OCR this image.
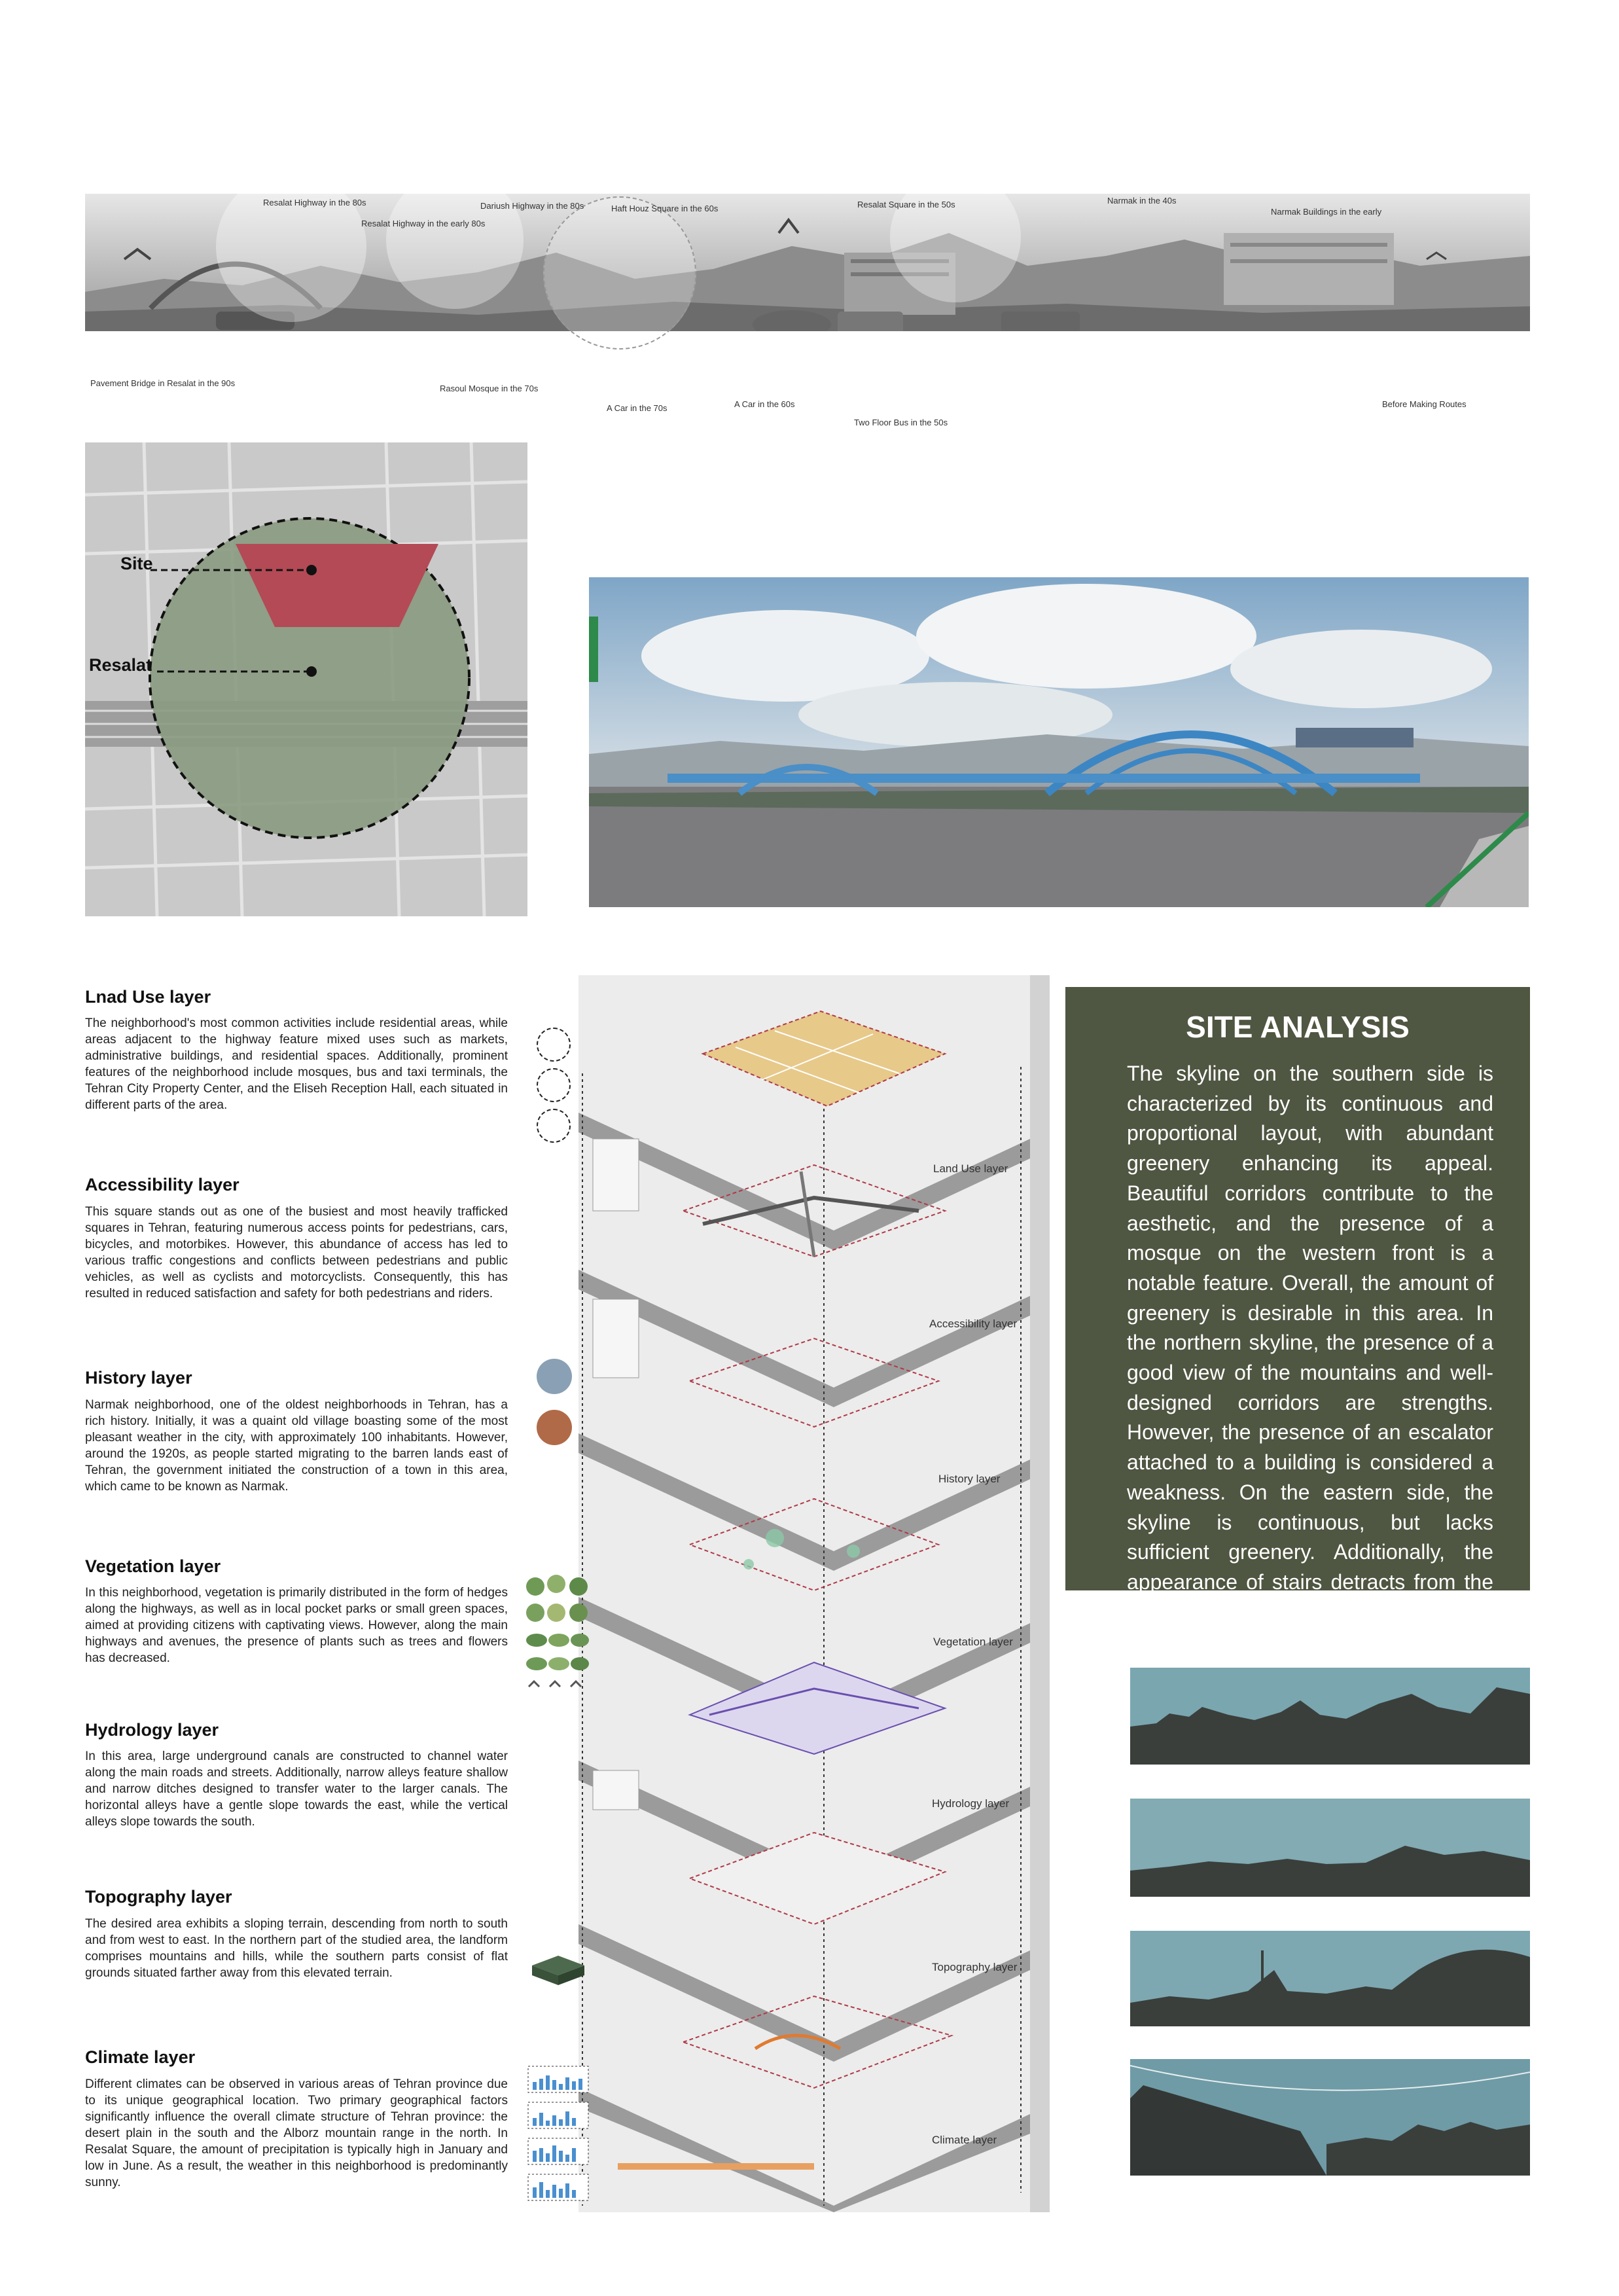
Resalat Highway in the 80s
Resalat Highway in the early 80s
Dariush Highway in the 80s	Haft Houz Square in the 60s	Resalat Square in the 50s	Narmak in the 40s
Narmak Buildings in the early
Pavement Bridge in Resalat in the 90s
Rasoul Mosque in the 70s
A Car in the 70s	A Car in the 60s
Two Floor Bus in the 50s
Before Making Routes
Site
Resalat
Lnad Use layer
The neighborhood's most common activities include residential areas, while areas adjacent to the highway feature mixed uses such as markets, administrative buildings, and residential spaces. Additionally, prominent features of the neighborhood include mosques, bus and taxi terminals, the Tehran City Property Center, and the Eliseh Reception Hall, each situated in different parts of the area.
Accessibility layer
This square stands out as one of the busiest and most heavily trafficked squares in Tehran, featuring numerous access points for pedestrians, cars, bicycles, and motorbikes. However, this abundance of access has led to various traffic congestions and conflicts between pedestrians and public vehicles, as well as cyclists and motorcyclists. Consequently, this has resulted in reduced satisfaction and safety for both pedestrians and riders.
History layer
Narmak neighborhood, one of the oldest neighborhoods in Tehran, has a rich history. Initially, it was a quaint old village boasting some of the most pleasant weather in the city, with approximately 100 inhabitants. However, around the 1920s, as people started migrating to the barren lands east of Tehran, the government initiated the construction of a town in this area, which came to be known as Narmak.
Vegetation layer
In this neighborhood, vegetation is primarily distributed in the form of hedges along the highways, as well as in local pocket parks or small green spaces, aimed at providing citizens with captivating views. However, along the main highways and avenues, the presence of plants such as trees and flowers has decreased.
Hydrology layer
In this area, large underground canals are constructed to channel water along the main roads and streets. Additionally, narrow alleys feature shallow and narrow ditches designed to transfer water to the larger canals. The horizontal alleys have a gentle slope towards the east, while the vertical alleys slope towards the south.
Topography layer
The desired area exhibits a sloping terrain, descending from north to south and from west to east. In the northern part of the studied area, the landform comprises mountains and hills, while the southern parts consist of flat grounds situated farther away from this elevated terrain.
Climate layer
Different climates can be observed in various areas of Tehran province due to its unique geographical location. Two primary geographical factors significantly influence the overall climate structure of Tehran province: the desert plain in the south and the Alborz mountain range in the north. In Resalat Square, the amount of precipitation is typically high in January and low in June. As a result, the weather in this neighborhood is predominantly sunny.
Land Use layer
Accessibility layer
History layer
Vegetation layer
Hydrology layer
Topography layer
Climate layer
SITE ANALYSIS

The skyline on the southern side is characterized by its continuous and proportional layout, with abundant greenery enhancing its appeal. Beautiful corridors contribute to the aesthetic, and the presence of a mosque on the western front is a notable feature. Overall, the amount of greenery is desirable in this area. In the northern skyline, the presence of a good view of the mountains and well-designed corridors are strengths. However, the presence of an escalator attached to a building is considered a weakness. On the eastern side, the skyline is continuous, but lacks sufficient greenery. Additionally, the appearance of stairs detracts from the overall aesthetic.
